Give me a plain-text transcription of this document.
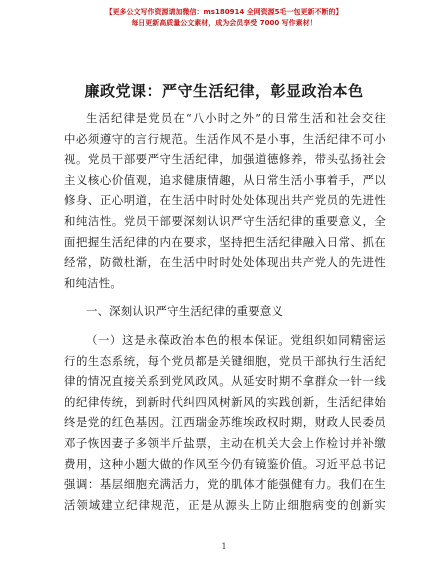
【更多公文写作资源请加微信：ms180914 全网资源5毛一包更新不断的】
每日更新高质量公文素材，成为会员享受 7000 写作素材！
廉政党课：严守生活纪律，彰显政治本色
生活纪律是党员在“八小时之外”的日常生活和社会交往
中必须遵守的言行规范。生活作风不是小事，生活纪律不可小
视。党员干部要严守生活纪律，加强道德修养，带头弘扬社会
主义核心价值观，追求健康情趣，从日常生活小事着手，严以
修身、正心明道，在生活中时时处处体现出共产党员的先进性
和纯洁性。党员干部要深刻认识严守生活纪律的重要意义，全
面把握生活纪律的内在要求，坚持把生活纪律融入日常、抓在
经常，防微杜渐，在生活中时时处处体现出共产党人的先进性
和纯洁性。
一、深刻认识严守生活纪律的重要意义
（一）这是永葆政治本色的根本保证。党组织如同精密运
行的生态系统，每个党员都是关键细胞，党员干部执行生活纪
律的情况直接关系到党风政风。从延安时期不拿群众一针一线
的纪律传统，到新时代纠四风树新风的实践创新，生活纪律始
终是党的红色基因。江西瑞金苏维埃政权时期，财政人民委员
邓子恢因妻子多领半斤盐票，主动在机关大会上作检讨并补缴
费用，这种小题大做的作风至今仍有镜鉴价值。习近平总书记
强调：基层细胞充满活力，党的肌体才能强健有力。我们在生
活领域建立纪律规范，正是从源头上防止细胞病变的创新实
1
